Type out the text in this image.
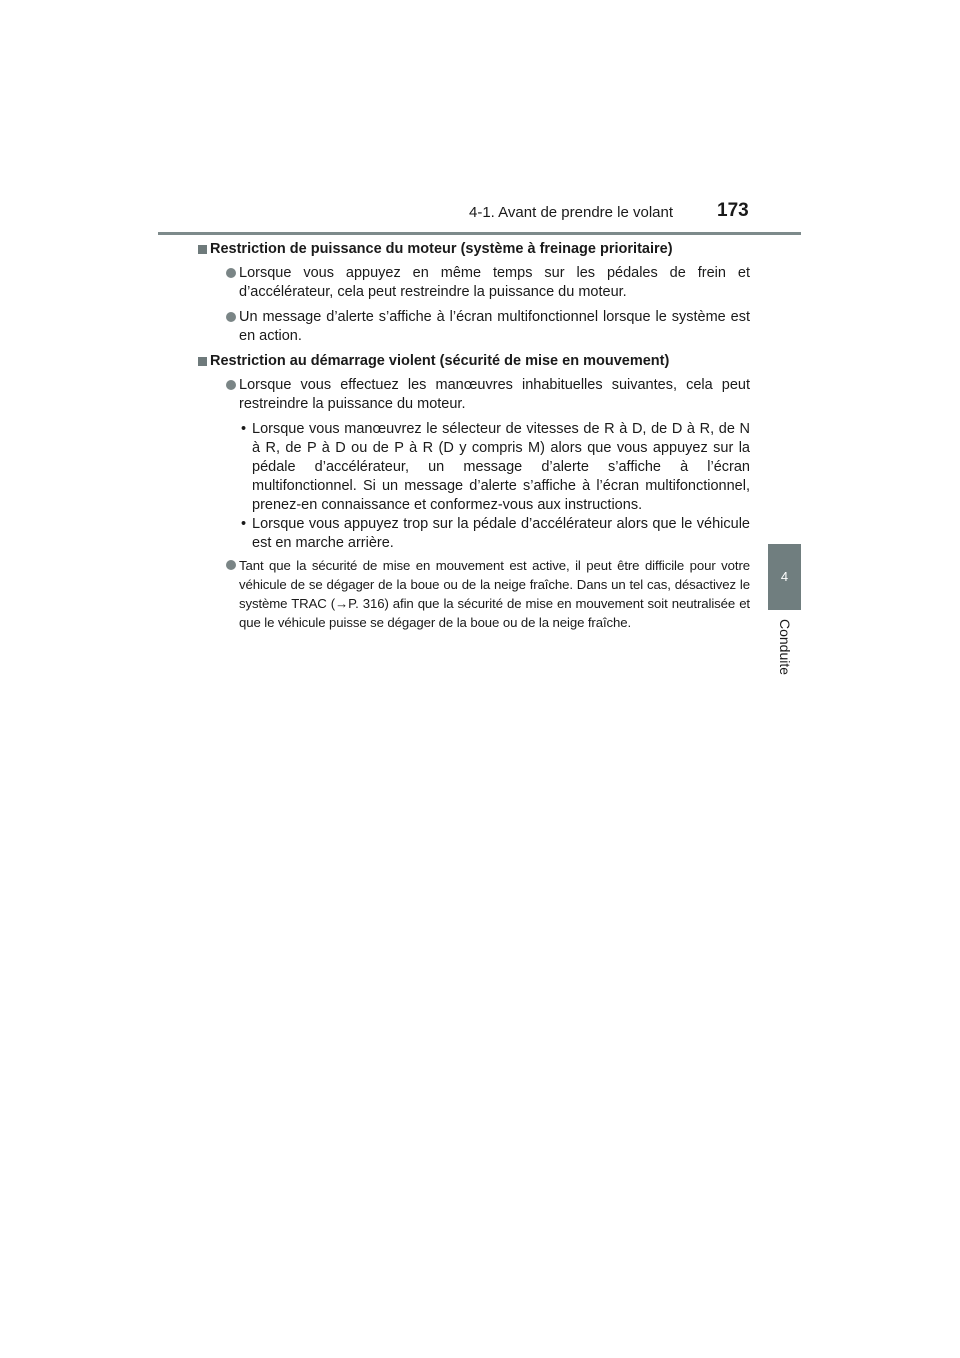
4-1. Avant de prendre le volant 173
4
Conduite

Restriction de puissance du moteur (système à freinage prioritaire)

Lorsque vous appuyez en même temps sur les pédales de frein et d’accélérateur, cela peut restreindre la puissance du moteur.

Un message d’alerte s’affiche à l’écran multifonctionnel lorsque le système est en action.

Restriction au démarrage violent (sécurité de mise en mouvement)

Lorsque vous effectuez les manœuvres inhabituelles suivantes, cela peut restreindre la puissance du moteur.

• Lorsque vous manœuvrez le sélecteur de vitesses de R à D, de D à R, de N à R, de P à D ou de P à R (D y compris M) alors que vous appuyez sur la pédale d’accélérateur, un message d’alerte s’affiche à l’écran multifonctionnel. Si un message d’alerte s’affiche à l’écran multifonctionnel, prenez-en connaissance et conformez-vous aux instructions.

• Lorsque vous appuyez trop sur la pédale d’accélérateur alors que le véhicule est en marche arrière.

Tant que la sécurité de mise en mouvement est active, il peut être difficile pour votre véhicule de se dégager de la boue ou de la neige fraîche. Dans un tel cas, désactivez le système TRAC (→P. 316) afin que la sécurité de mise en mouvement soit neutralisée et que le véhicule puisse se dégager de la boue ou de la neige fraîche.
